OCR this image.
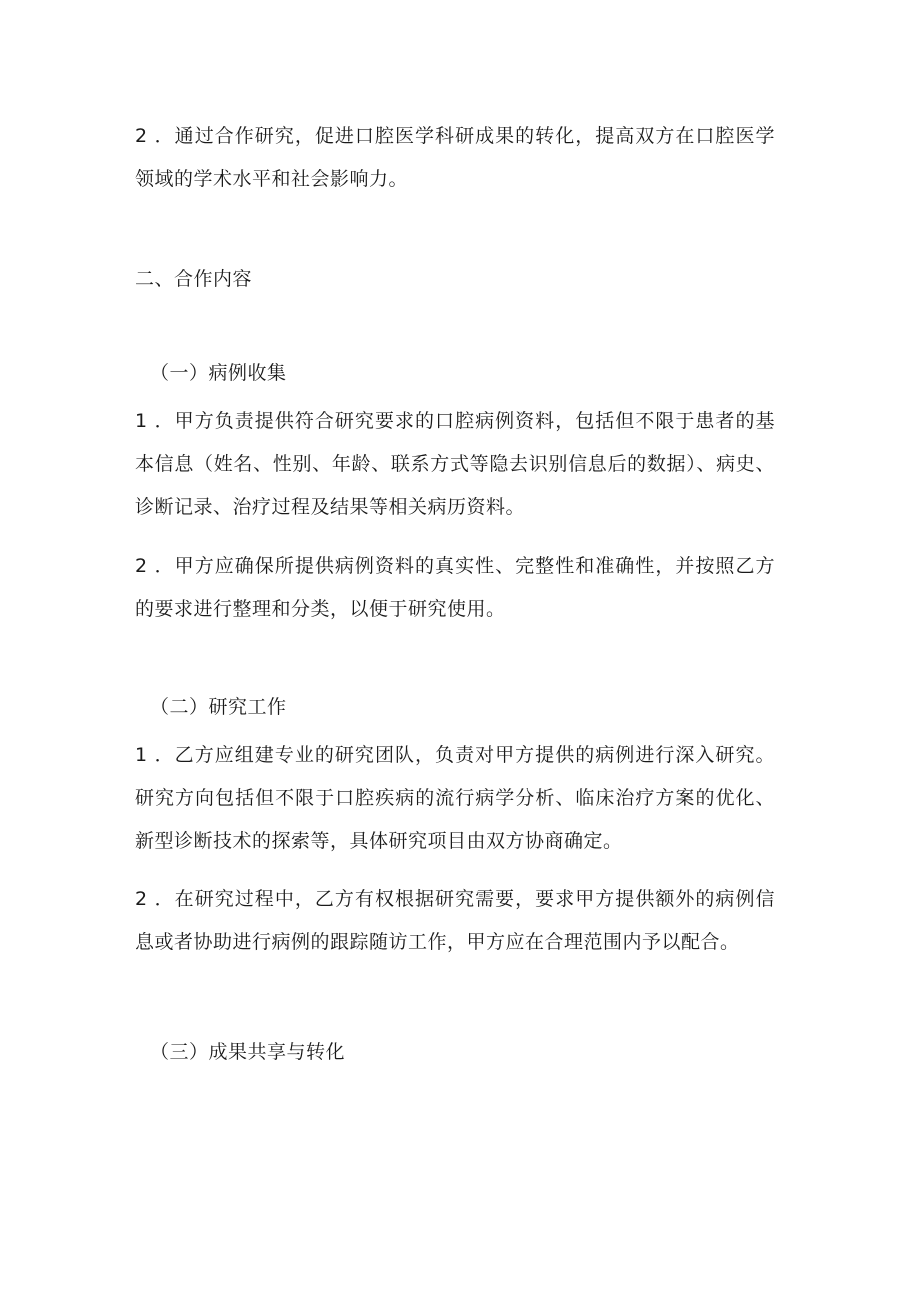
2 ．通过合作研究，促进口腔医学科研成果的转化，提高双方在口腔医学领域的学术水平和社会影响力。

二、合作内容

（一）病例收集

1 ．甲方负责提供符合研究要求的口腔病例资料，包括但不限于患者的基本信息（姓名、性别、年龄、联系方式等隐去识别信息后的数据）、病史、诊断记录、治疗过程及结果等相关病历资料。

2 ．甲方应确保所提供病例资料的真实性、完整性和准确性，并按照乙方的要求进行整理和分类，以便于研究使用。

（二）研究工作

1 ．乙方应组建专业的研究团队，负责对甲方提供的病例进行深入研究。研究方向包括但不限于口腔疾病的流行病学分析、临床治疗方案的优化、新型诊断技术的探索等，具体研究项目由双方协商确定。

2 ．在研究过程中，乙方有权根据研究需要，要求甲方提供额外的病例信息或者协助进行病例的跟踪随访工作，甲方应在合理范围内予以配合。

（三）成果共享与转化
